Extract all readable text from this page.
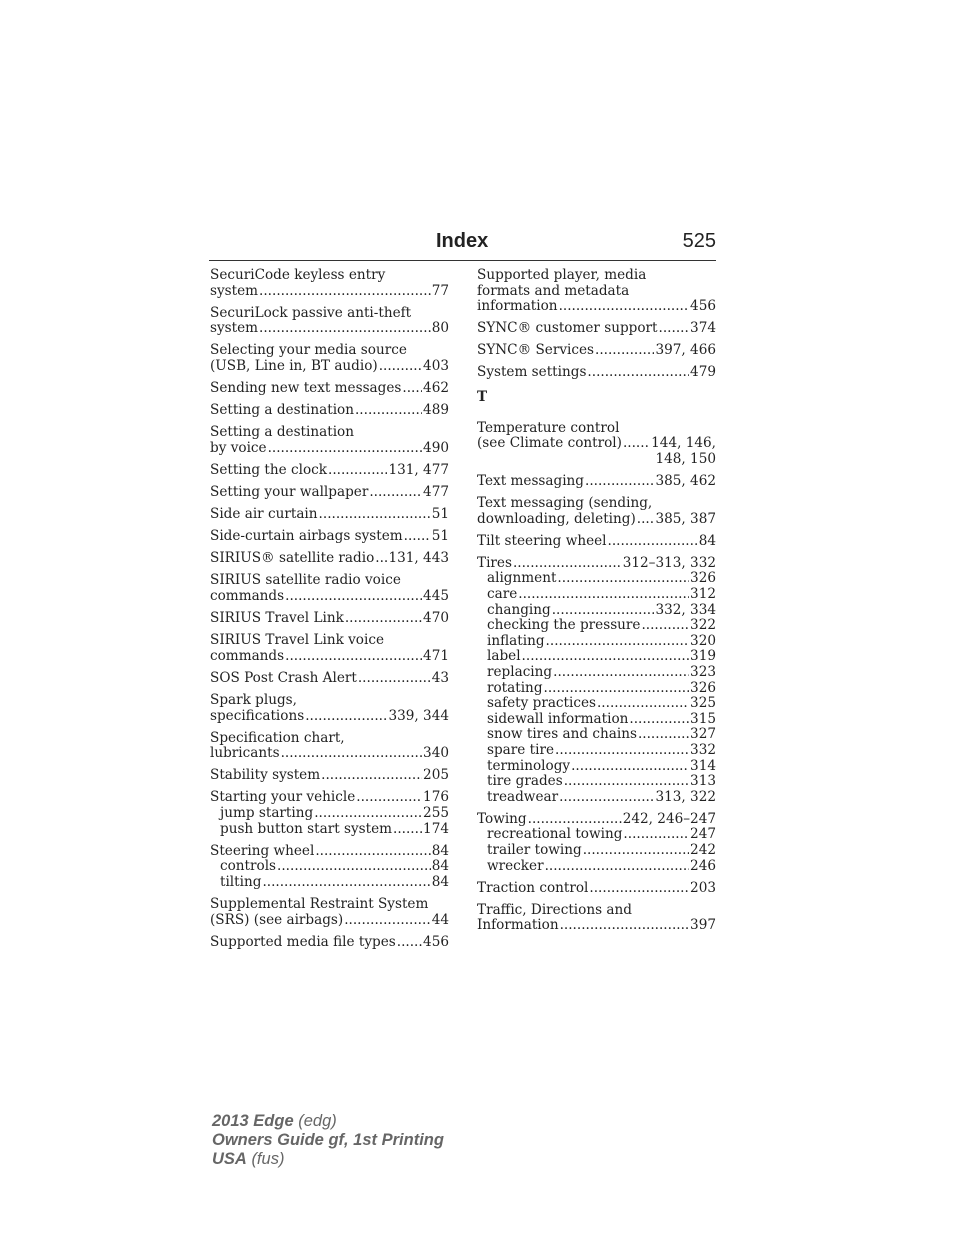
Index	525
SecuriCode keyless entry
system .....	77
SecuriLock passive anti-theft
system .....	80
Selecting your media source
(USB, Line in, BT audio) .....	403
Sending new text messages ..... 462
Setting a destination .....	489
Setting a destination
by voice .....	490
Setting the clock .....	131, 477
Setting your wallpaper .....	477
Side air curtain .....	51
Side-curtain airbags system ..... 51
SIRIUS® satellite radio ..... 131, 443
SIRIUS satellite radio voice
commands .....	445
SIRIUS Travel Link .....	470
SIRIUS Travel Link voice
commands .....	471
SOS Post Crash Alert .....	43
Spark plugs,
specifications .....	339, 344
Specification chart,
lubricants .....	340
Stability system .....	205
Starting your vehicle .....	176
jump starting .....	255
push button start system ..... 174
Steering wheel .....	84
controls .....	84
tilting .....	84
Supplemental Restraint System
(SRS) (see airbags) .....	44
Supported media file types ..... 456
Supported player, media
formats and metadata
information .....	456
SYNC® customer support ..... 374
SYNC® Services .....	397, 466
System settings .....	479
T
Temperature control
(see Climate control) ..... 144, 146,
148, 150
Text messaging .....	385, 462
Text messaging (sending,
downloading, deleting) ..... 385, 387
Tilt steering wheel .....	84
Tires .....	312–313, 332
alignment .....	326
care .....	312
changing .....	332, 334
checking the pressure .....	322
inflating .....	320
label .....	319
replacing .....	323
rotating .....	326
safety practices .....	325
sidewall information .....	315
snow tires and chains .....	327
spare tire .....	332
terminology .....	314
tire grades .....	313
treadwear .....	313, 322
Towing .....	242, 246–247
recreational towing .....	247
trailer towing .....	242
wrecker .....	246
Traction control .....	203
Traffic, Directions and
Information .....	397
2013 Edge (edg)
Owners Guide gf, 1st Printing
USA (fus)
